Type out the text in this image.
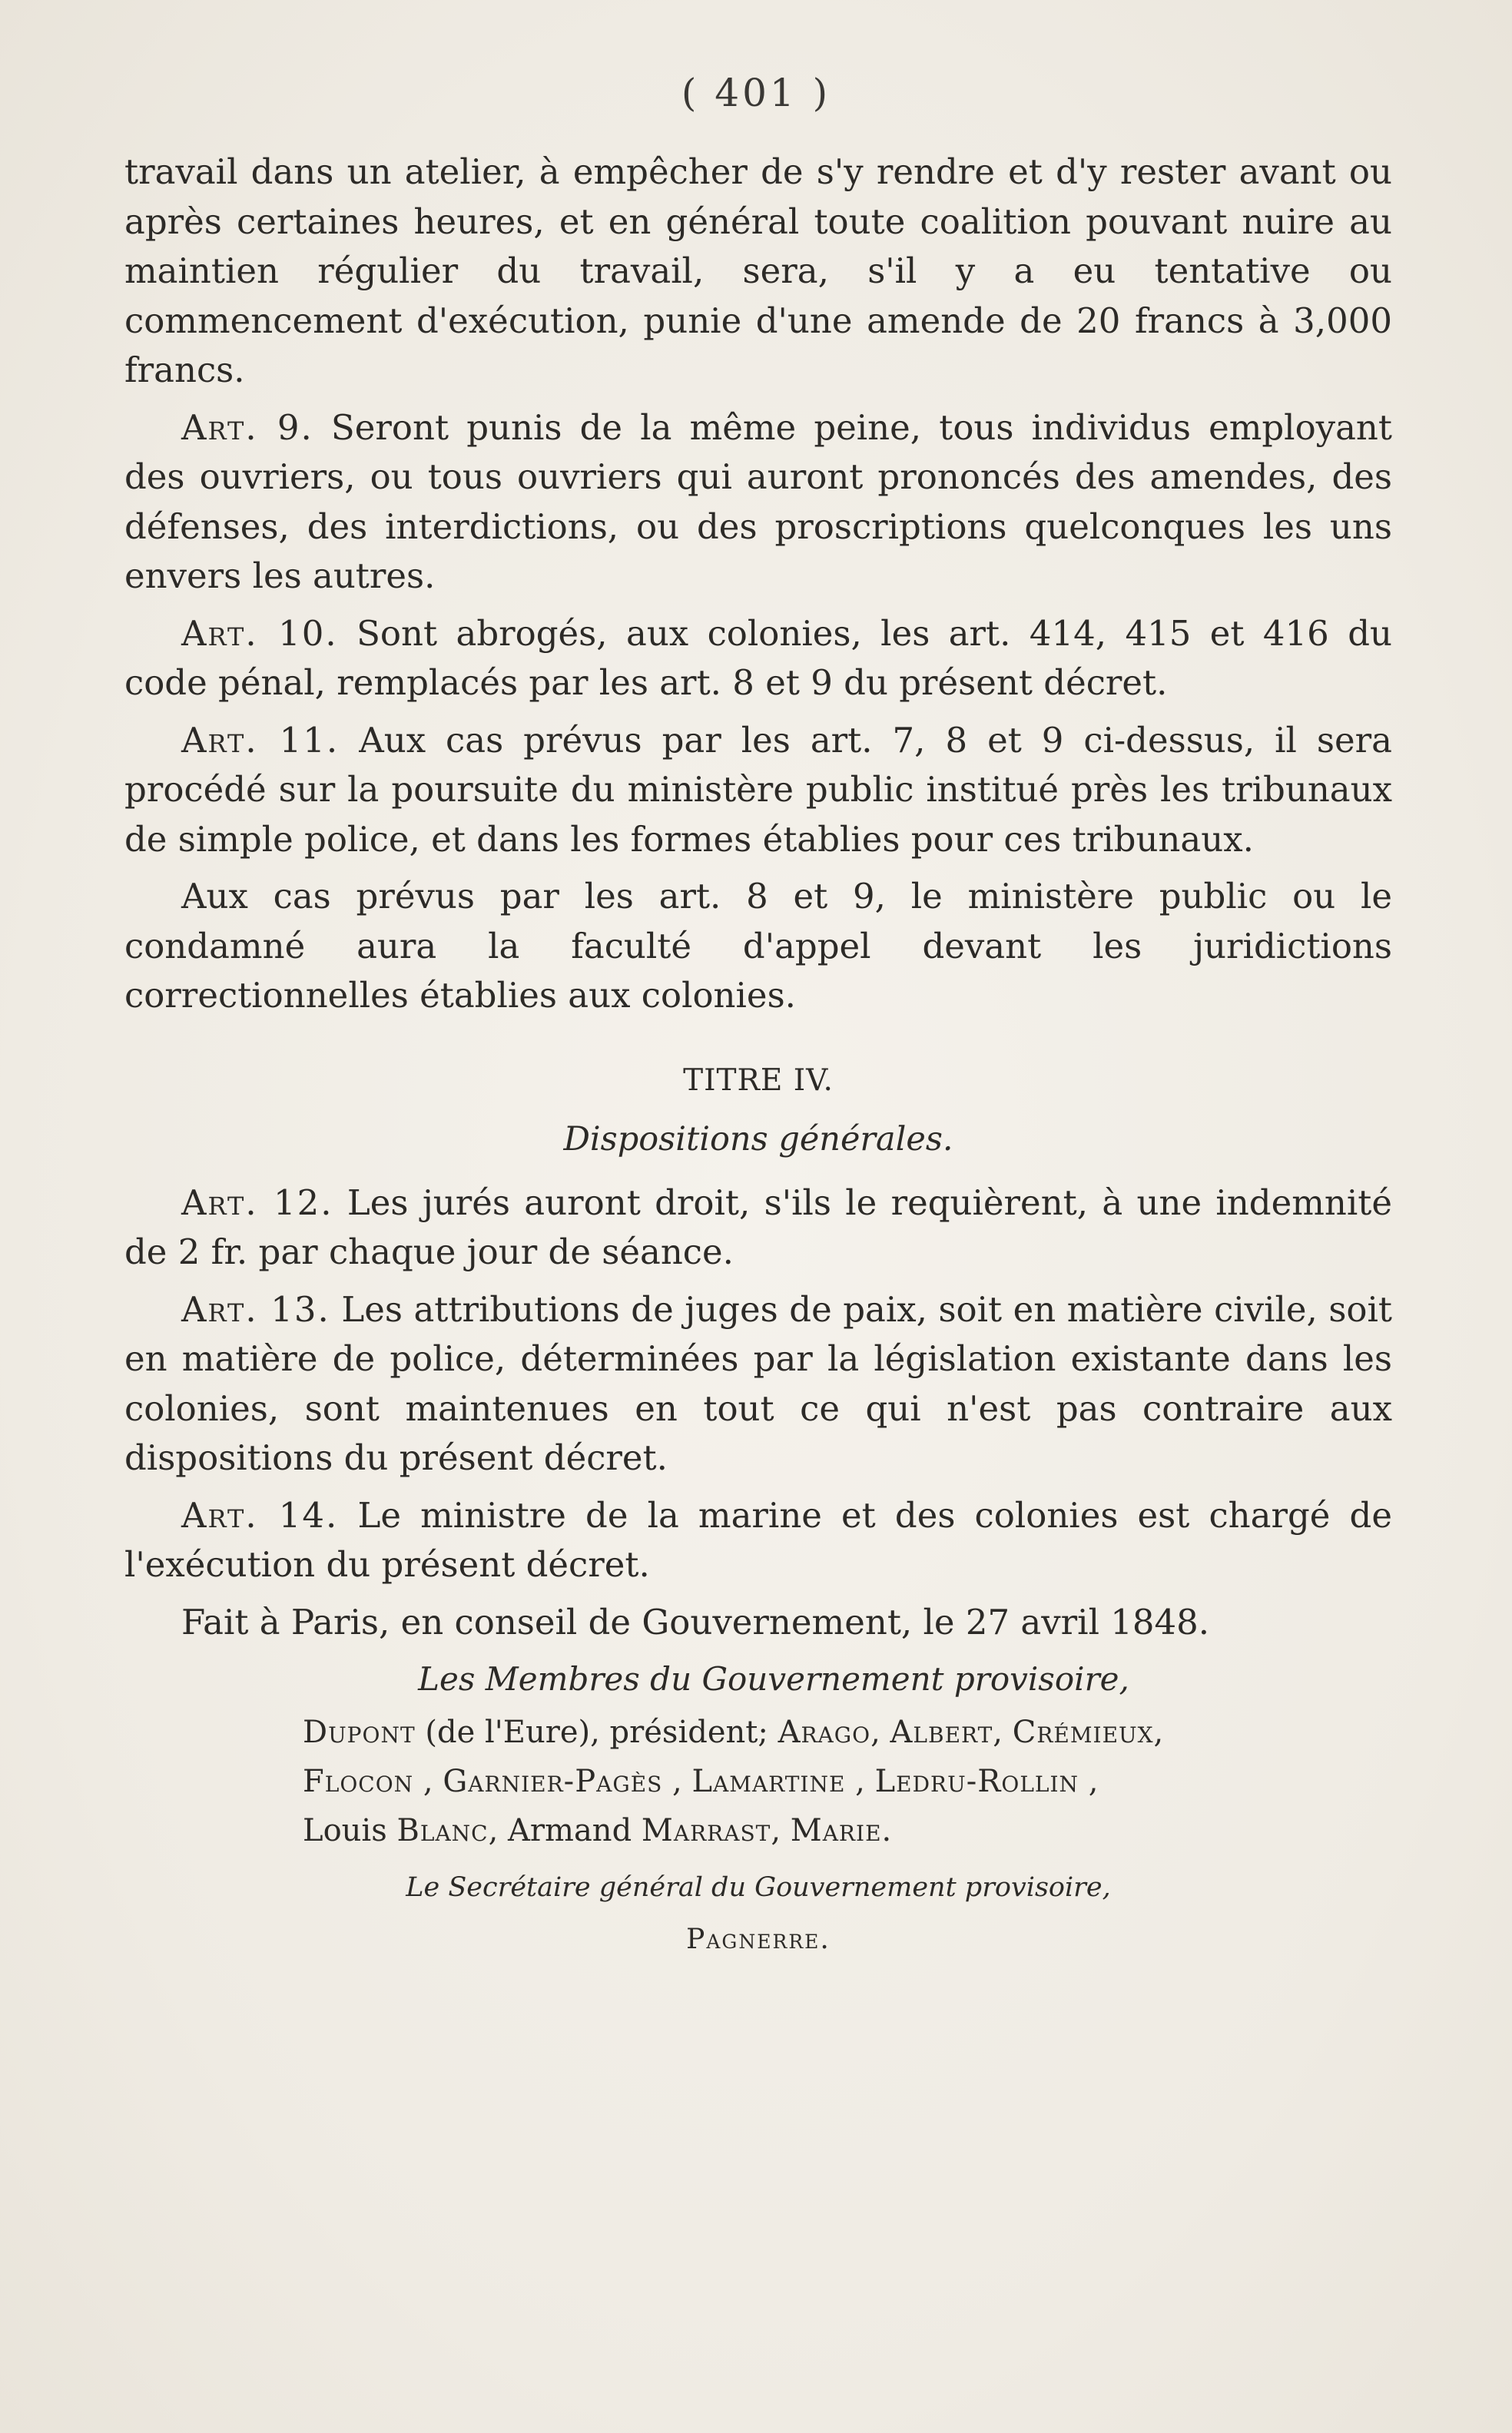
( 401 )

travail dans un atelier, à empêcher de s'y rendre et d'y rester avant ou après certaines heures, et en général toute coalition pouvant nuire au maintien régulier du travail, sera, s'il y a eu tentative ou commencement d'exécution, punie d'une amende de 20 francs à 3,000 francs.

Art. 9. Seront punis de la même peine, tous individus employant des ouvriers, ou tous ouvriers qui auront prononcés des amendes, des défenses, des interdictions, ou des proscriptions quelconques les uns envers les autres.

Art. 10. Sont abrogés, aux colonies, les art. 414, 415 et 416 du code pénal, remplacés par les art. 8 et 9 du présent décret.

Art. 11. Aux cas prévus par les art. 7, 8 et 9 ci-dessus, il sera procédé sur la poursuite du ministère public institué près les tribunaux de simple police, et dans les formes établies pour ces tribunaux.

Aux cas prévus par les art. 8 et 9, le ministère public ou le condamné aura la faculté d'appel devant les juridictions correctionnelles établies aux colonies.

TITRE IV.

Dispositions générales.

Art. 12. Les jurés auront droit, s'ils le requièrent, à une indemnité de 2 fr. par chaque jour de séance.

Art. 13. Les attributions de juges de paix, soit en matière civile, soit en matière de police, déterminées par la législation existante dans les colonies, sont maintenues en tout ce qui n'est pas contraire aux dispositions du présent décret.

Art. 14. Le ministre de la marine et des colonies est chargé de l'exécution du présent décret.

Fait à Paris, en conseil de Gouvernement, le 27 avril 1848.

Les Membres du Gouvernement provisoire,

Dupont (de l'Eure), président; Arago, Albert, Crémieux,
Flocon , Garnier-Pagès , Lamartine , Ledru-Rollin ,
Louis Blanc, Armand Marrast, Marie.

Le Secrétaire général du Gouvernement provisoire,

Pagnerre.
